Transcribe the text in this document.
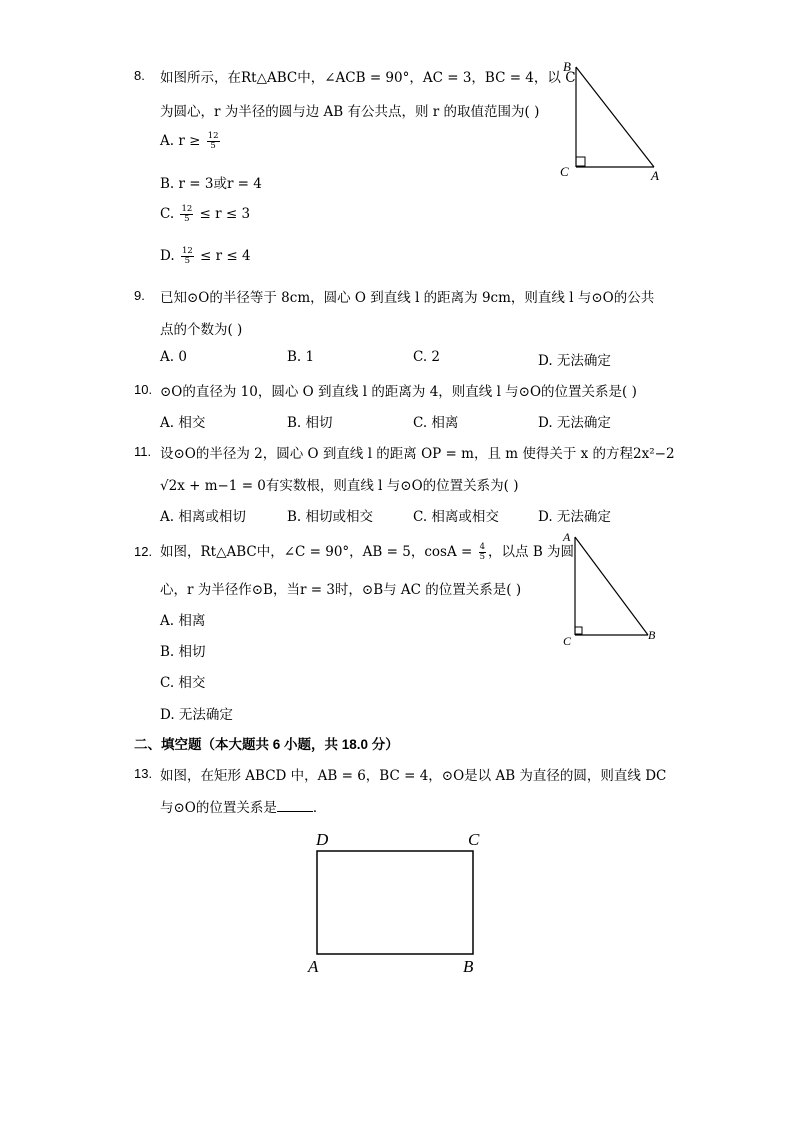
8. 如图所示，在Rt△ABC中，∠ACB = 90°，AC = 3，BC = 4，以 C
为圆心，r 为半径的圆与边 AB 有公共点，则 r 的取值范围为( )
A. $r \ge \frac{12}{5}$
B. r = 3或r = 4
C. $\frac{12}{5} \le r \le 3$
D. $\frac{12}{5} \le r \le 4$
B
C	A
9. 已知⊙O的半径等于 8cm，圆心 O 到直线 l 的距离为 9cm，则直线 l 与⊙O的公共
点的个数为( )
A. 0	B. 1	C. 2	D. 无法确定
10. ⊙O的直径为 10，圆心 O 到直线 l 的距离为 4，则直线 l 与⊙O的位置关系是( )
A. 相交	B. 相切	C. 相离	D. 无法确定
11. 设⊙O的半径为 2，圆心 O 到直线 l 的距离 OP = m，且 m 使得关于 x 的方程2x²−2
√2x + m−1 = 0有实数根，则直线 l 与⊙O的位置关系为( )
A. 相离或相切	B. 相切或相交	C. 相离或相交	D. 无法确定
12. 如图，Rt△ABC中，∠C = 90°，AB = 5，$\cos A = \frac{4}{5}$ ，以点 B 为圆
心，r 为半径作⊙B，当r = 3时，⊙B与 AC 的位置关系是( )
A. 相离
B. 相切
C. 相交
D. 无法确定
A
C	B
二、填空题（本大题共 6 小题，共 18.0 分）
13. 如图，在矩形 ABCD 中，AB = 6，BC = 4，⊙O是以 AB 为直径的圆，则直线 DC
与⊙O的位置关系是	．
D	C
A	B
